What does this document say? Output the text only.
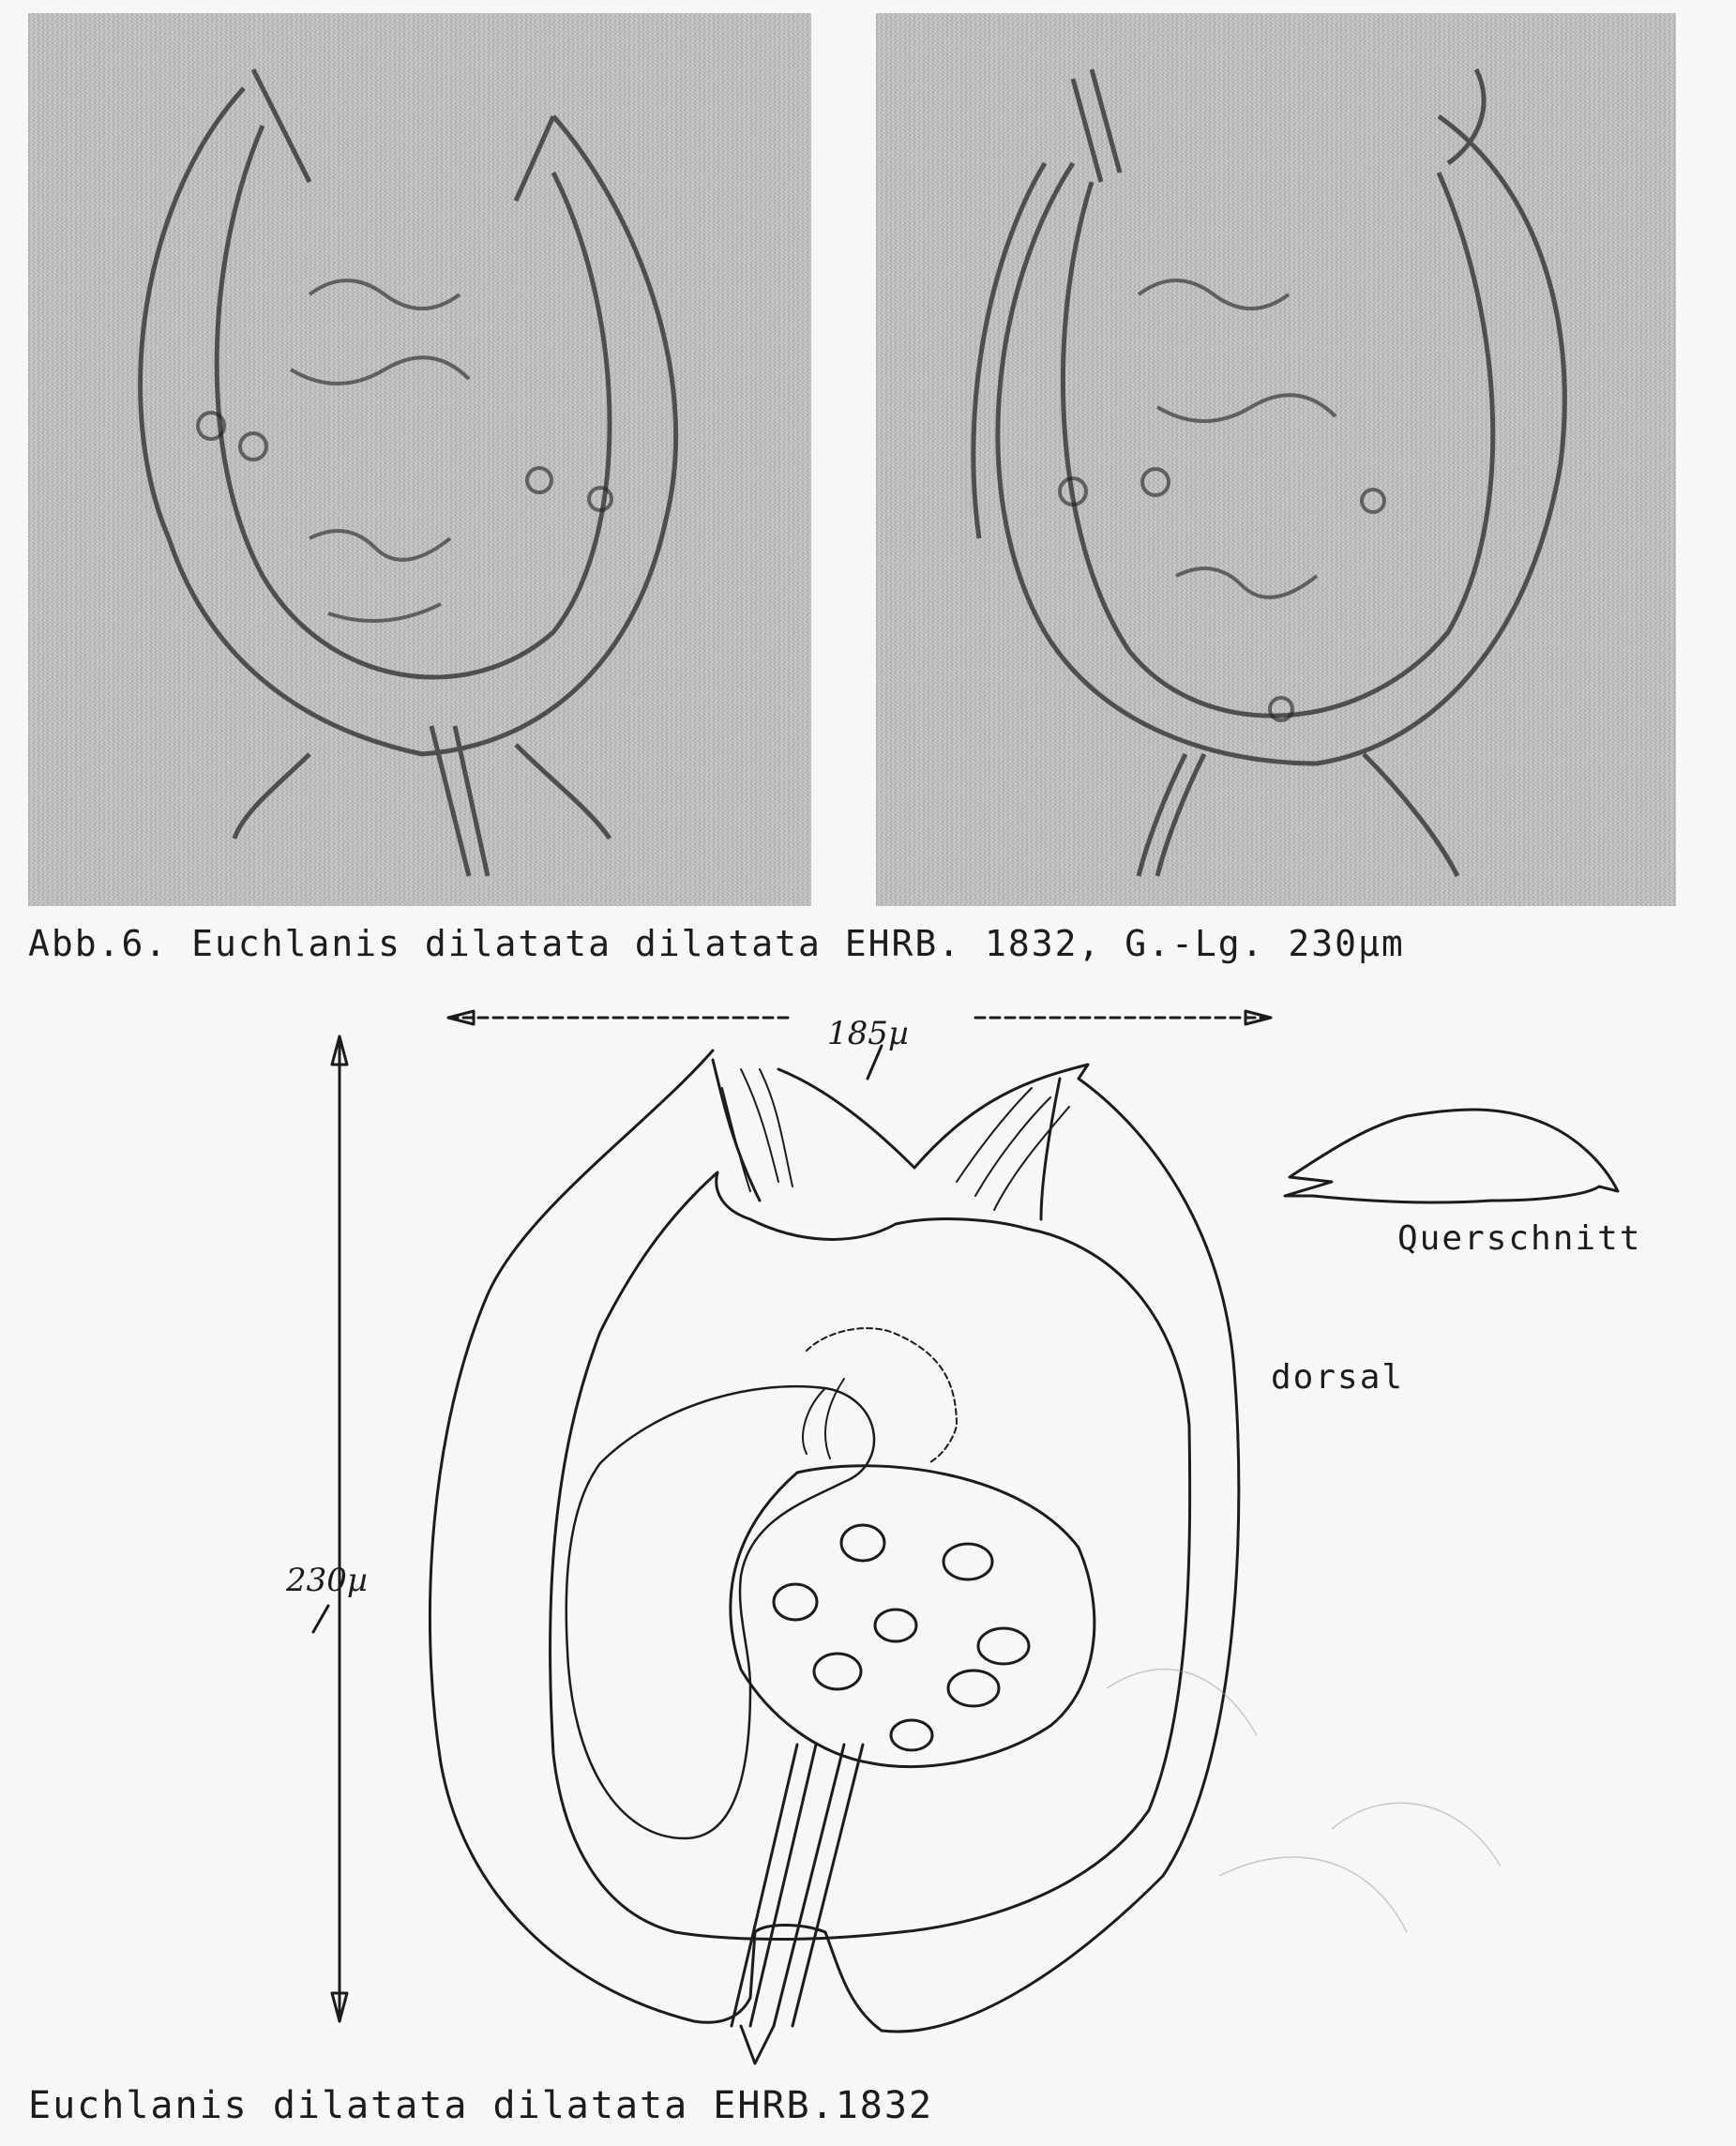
Abb.6. Euchlanis dilatata dilatata EHRB. 1832, G.-Lg. 230µm
185µ
230µ
Querschnitt
dorsal
Euchlanis dilatata dilatata EHRB.1832
